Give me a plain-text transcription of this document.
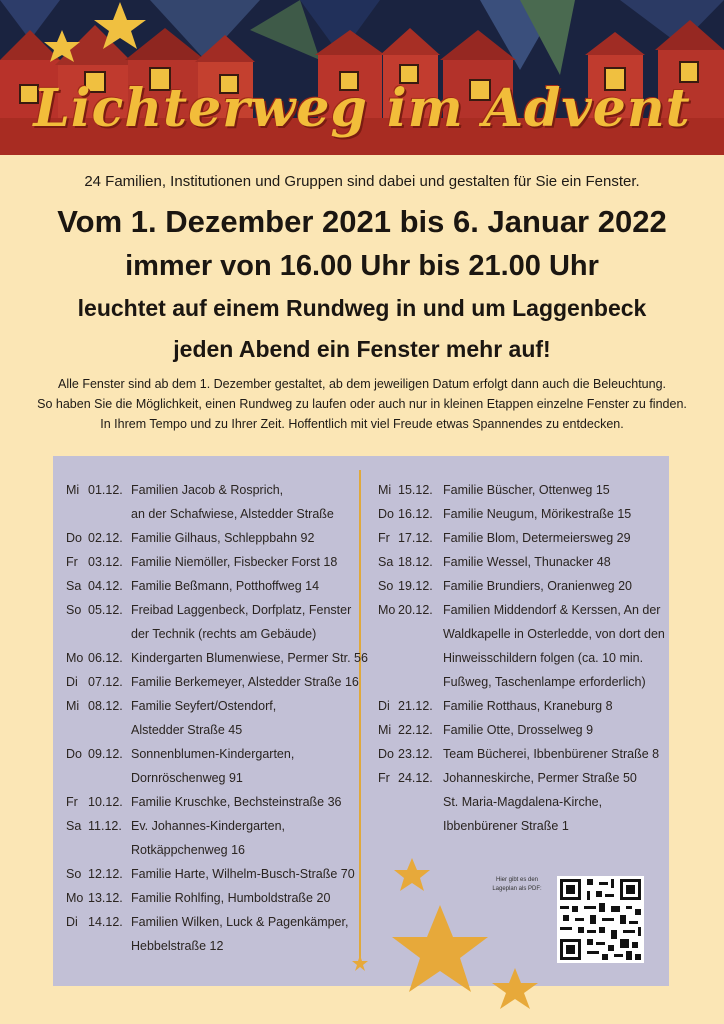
Lichterweg im Advent
24 Familien, Institutionen und Gruppen sind dabei und gestalten für Sie ein Fenster.
Vom 1. Dezember 2021 bis 6. Januar 2022
immer von 16.00 Uhr bis 21.00 Uhr
leuchtet auf einem Rundweg in und um Laggenbeck
jeden Abend ein Fenster mehr auf!
Alle Fenster sind ab dem 1. Dezember gestaltet, ab dem jeweiligen Datum erfolgt dann auch die Beleuchtung.
So haben Sie die Möglichkeit, einen Rundweg zu laufen oder auch nur in kleinen Etappen einzelne Fenster zu finden.
In Ihrem Tempo und zu Ihrer Zeit. Hoffentlich mit viel Freude etwas Spannendes zu entdecken.
Mi 01.12. Familien Jacob & Rosprich,
an der Schafwiese, Alstedder Straße
Do 02.12. Familie Gilhaus, Schleppbahn 92
Fr 03.12. Familie Niemöller, Fisbecker Forst 18
Sa 04.12. Familie Beßmann, Potthoffweg 14
So 05.12. Freibad Laggenbeck, Dorfplatz, Fenster
der Technik (rechts am Gebäude)
Mo 06.12. Kindergarten Blumenwiese, Permer Str. 56
Di 07.12. Familie Berkemeyer, Alstedder Straße 16
Mi 08.12. Familie Seyfert/Ostendorf,
Alstedder Straße 45
Do 09.12. Sonnenblumen-Kindergarten,
Dornröschenweg 91
Fr 10.12. Familie Kruschke, Bechsteinstraße 36
Sa 11.12. Ev. Johannes-Kindergarten,
Rotkäppchenweg 16
So 12.12. Familie Harte, Wilhelm-Busch-Straße 70
Mo 13.12. Familie Rohlfing, Humboldstraße 20
Di 14.12. Familien Wilken, Luck & Pagenkämper,
Hebbelstraße 12
Mi 15.12. Familie Büscher, Ottenweg 15
Do 16.12. Familie Neugum, Mörikestraße 15
Fr 17.12. Familie Blom, Determeiersweg 29
Sa 18.12. Familie Wessel, Thunacker 48
So 19.12. Familie Brundiers, Oranienweg 20
Mo 20.12. Familien Middendorf & Kerssen, An der
Waldkapelle in Osterledde, von dort den
Hinweisschildern folgen (ca. 10 min.
Fußweg, Taschenlampe erforderlich)
Di 21.12. Familie Rotthaus, Kraneburg 8
Mi 22.12. Familie Otte, Drosselweg 9
Do 23.12. Team Bücherei, Ibbenbürener Straße 8
Fr 24.12. Johanneskirche, Permer Straße 50
St. Maria-Magdalena-Kirche,
Ibbenbürener Straße 1
Hier gibt es den
Lageplan als PDF:
